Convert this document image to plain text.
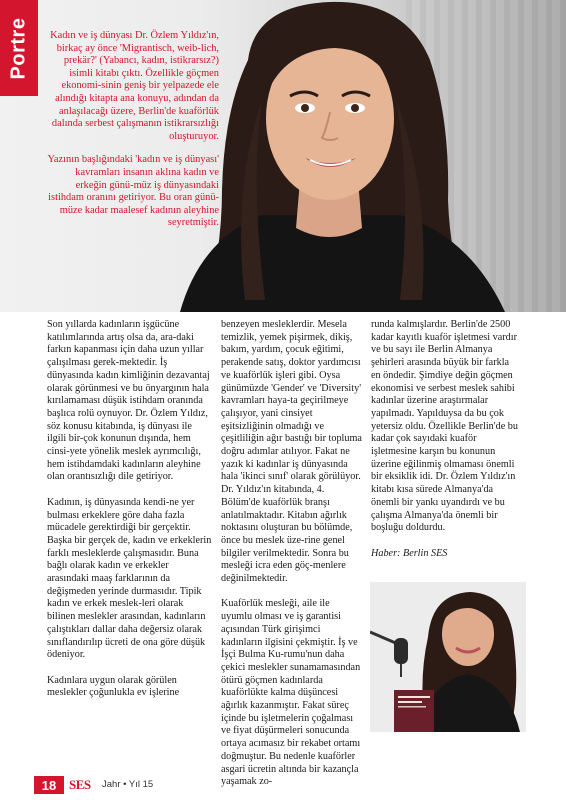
Portre	Kadın ve iş dünyası Dr. Özlem Yıldız'ın, birkaç ay önce 'Migrantisch, weib-lich, prekär?' (Yabancı, kadın, istikrarsız?) isimli kitabı çıktı. Özellikle göçmen ekonomi-sinin geniş bir yelpazede ele alındığı kitapta ana konuyu, adından da anlaşılacağı üzere, Berlin'de kuaförlük dalında serbest çalışmanın istikrarsızlığı oluşturuyor.

Yazının başlığındaki 'kadın ve iş dünyası' kavramları insanın aklına kadın ve erkeğin günü-müz iş dünyasındaki istihdam oranını getiriyor. Bu oran günü-müze kadar maalesef kadının aleyhine seyretmiştir.

Son yıllarda kadınların işgücüne katılımlarında artış olsa da, ara-daki farkın kapanması için daha uzun yıllar çalışılması gerek-mektedir. İş dünyasında kadın kimliğinin dezavantaj olarak görünmesi ve bu önyargının hala kırılamaması düşük istihdam oranında başlıca rolü oynuyor. Dr. Özlem Yıldız, söz konusu kitabında, iş dünyası ile ilgili bir-çok konunun dışında, hem cinsi-yete yönelik meslek ayrımcılığı, hem istihdamdaki kadınların aleyhine olan orantısızlığı dile getiriyor.

Kadının, iş dünyasında kendi-ne yer bulması erkeklere göre daha fazla mücadele gerektirdiği bir gerçektir. Başka bir gerçek de, kadın ve erkeklerin farklı mesleklerde çalışmasıdır. Buna bağlı olarak kadın ve erkekler arasındaki maaş farklarının da değişmeden yerinde durmasıdır. Tipik kadın ve erkek meslek-leri olarak bilinen meslekler arasından, kadınların çalıştıkları dallar daha değersiz olarak sınıflandırılıp ücreti de ona göre düşük ödeniyor.

Kadınlara uygun olarak görülen meslekler çoğunlukla ev işlerine

benzeyen mesleklerdir. Mesela temizlik, yemek pişirmek, dikiş, bakım, yardım, çocuk eğitimi, perakende satış, doktor yardımcısı ve kuaförlük işleri gibi. Oysa günümüzde 'Gender' ve 'Diversity' kavramları haya-ta geçirilmeye çalışıyor, yani cinsiyet eşitsizliğinin olmadığı ve çeşitliliğin ağır bastığı bir topluma doğru adımlar atılıyor. Fakat ne yazık ki kadınlar iş dünyasında hala 'ikinci sınıf' olarak görülüyor. Dr. Yıldız'ın kitabında, 4. Bölüm'de kuaförlük branşı anlatılmaktadır. Kitabın ağırlık noktasını oluşturan bu bölümde, önce bu meslek üze-rine genel bilgiler verilmektedir. Sonra bu mesleği icra eden göç-menlere değinilmektedir.

Kuaförlük mesleği, aile ile uyumlu olması ve iş garantisi açısından Türk girişimci kadınların ilgisini çekmiştir. İş ve İşçi Bulma Ku-rumu'nun daha çekici meslekler sunamamasından ötürü göçmen kadınlarda kuaförlükte kalma düşüncesi ağırlık kazanmıştır. Fakat süreç içinde bu işletmelerin çoğalması ve fiyat düşürmeleri sonucunda ortaya acımasız bir rekabet ortamı doğmuştur. Bu nedenle kuaförler asgari ücretin altında bir kazançla yaşamak zo-

runda kalmışlardır. Berlin'de 2500 kadar kayıtlı kuaför işletmesi vardır ve bu sayı ile Berlin Almanya şehirleri arasında büyük bir farkla en öndedir. Şimdiye değin göçmen ekonomisi ve serbest meslek sahibi kadınlar üzerine araştırmalar yapılmadı. Yapılduysa da bu çok yetersiz oldu. Özellikle Berlin'de bu kadar çok sayıdaki kuaför işletmesine karşın bu konunun üzerine eğilinmiş olmaması önemli bir eksiklik idi. Dr. Özlem Yıldız'ın kitabı kısa sürede Almanya'da önemli bir yankı uyandırdı ve bu çalışma Almanya'da önemli bir boşluğu doldurdu.

Haber: Berlin SES

18 SES Jahr • Yıl 15
